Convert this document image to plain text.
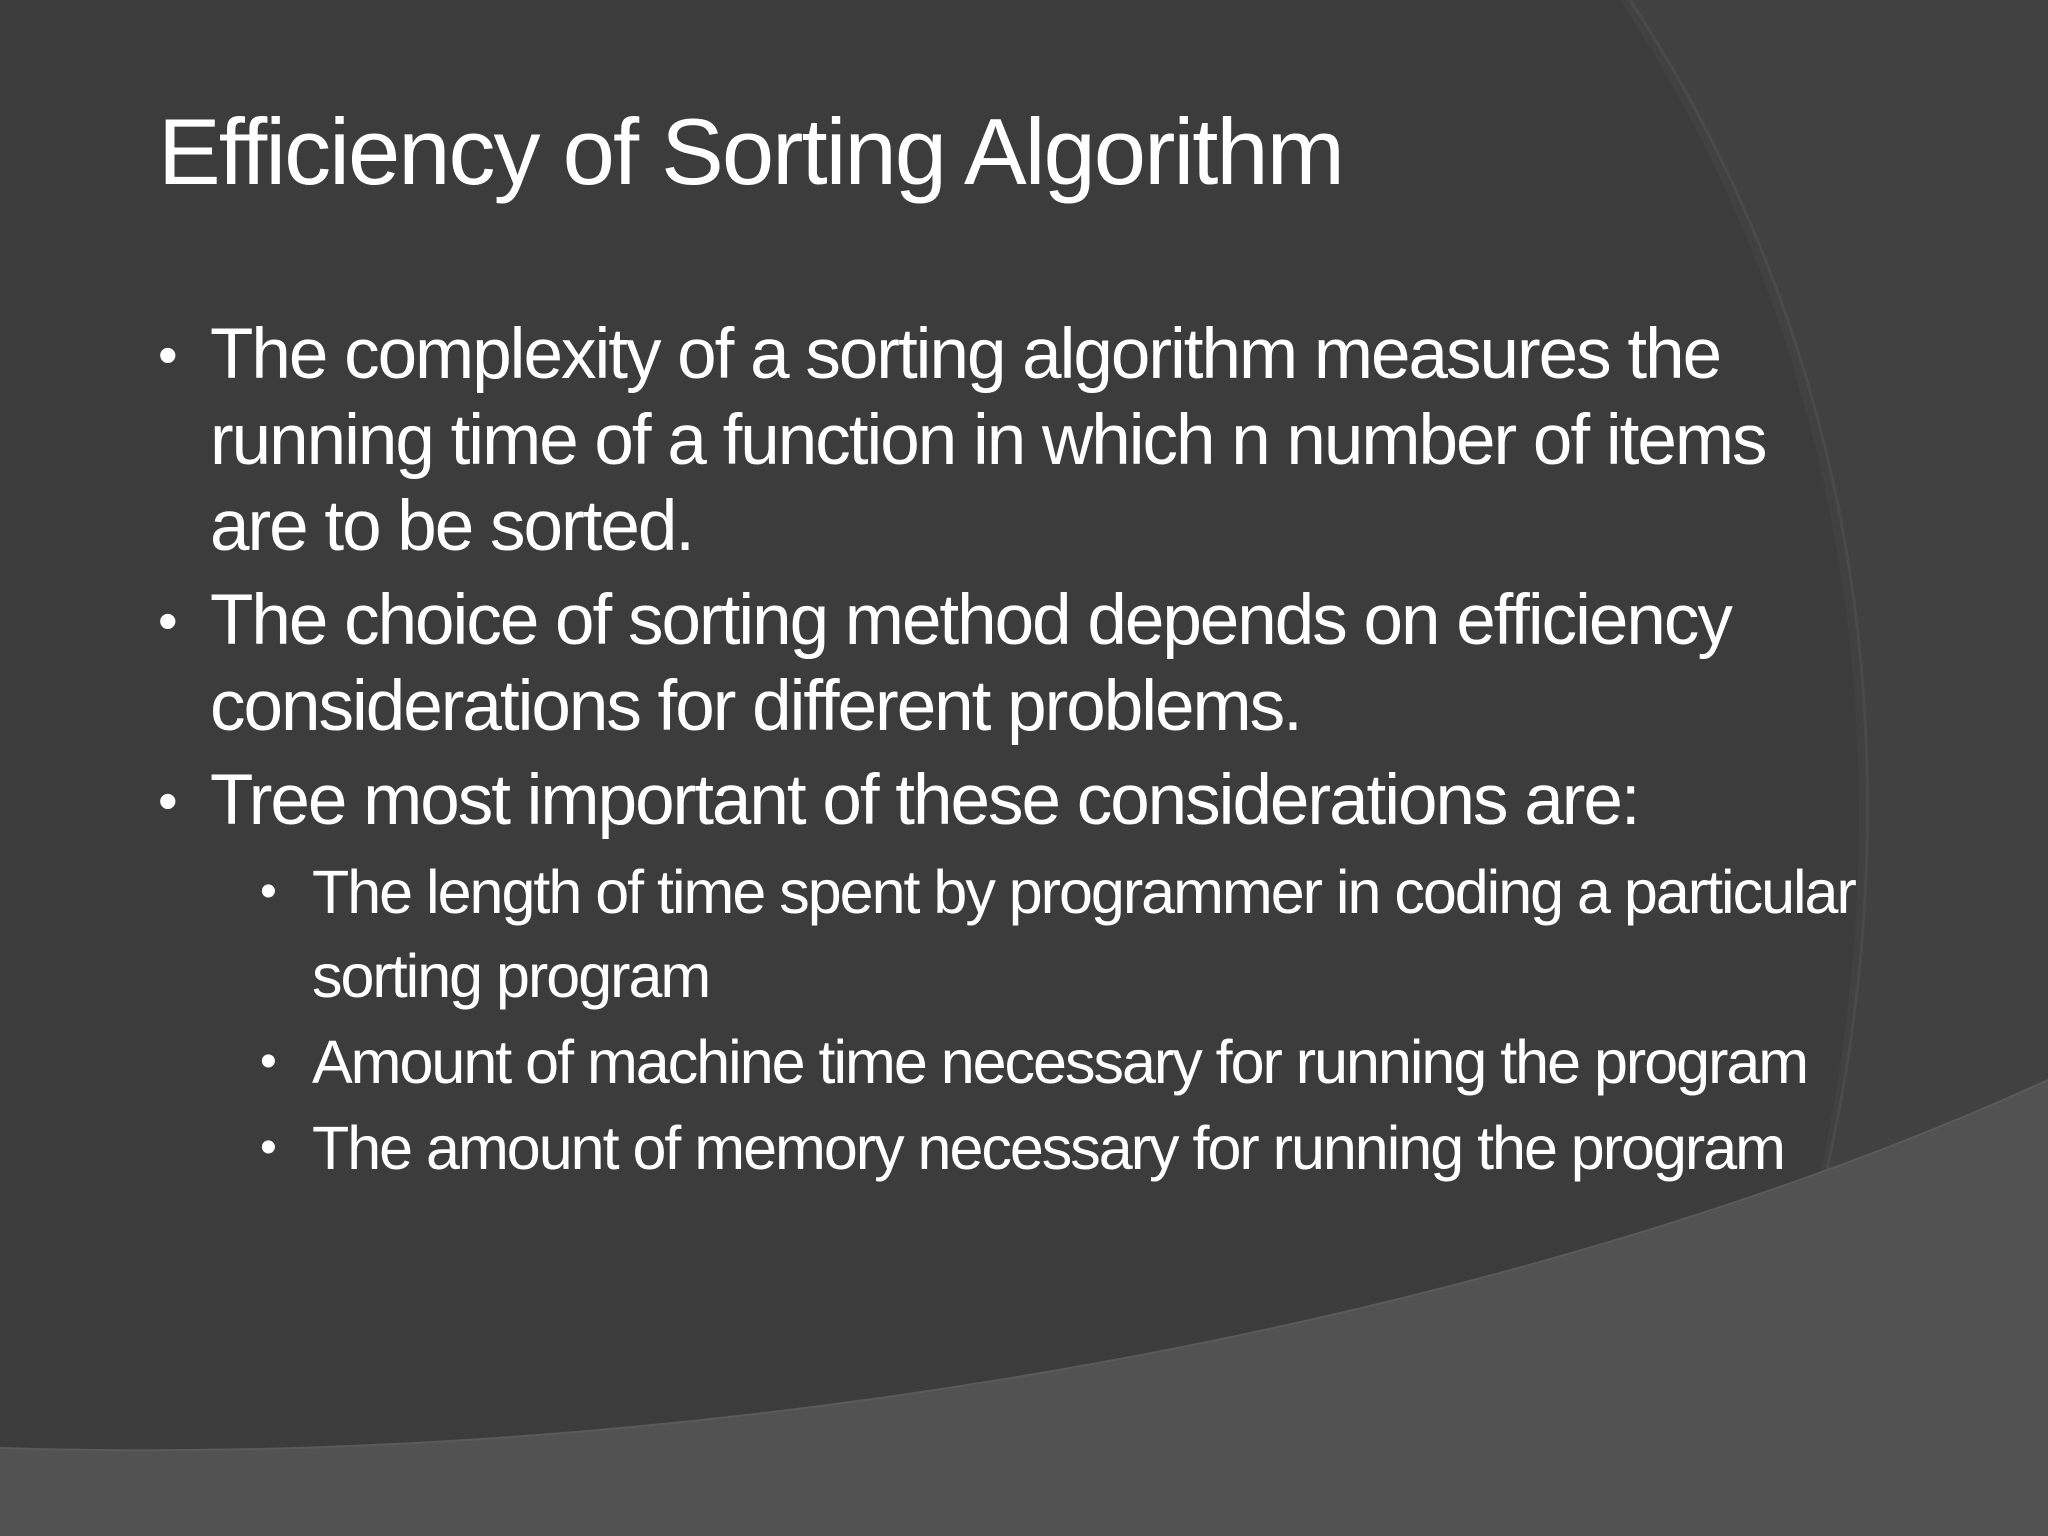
Efficiency of Sorting Algorithm
• The complexity of a sorting algorithm measures the running time of a function in which n number of items are to be sorted.
• The choice of sorting method depends on efficiency considerations for different problems.
• Tree most important of these considerations are:
• The length of time spent by programmer in coding a particular sorting program
• Amount of machine time necessary for running the program
• The amount of memory necessary for running the program
